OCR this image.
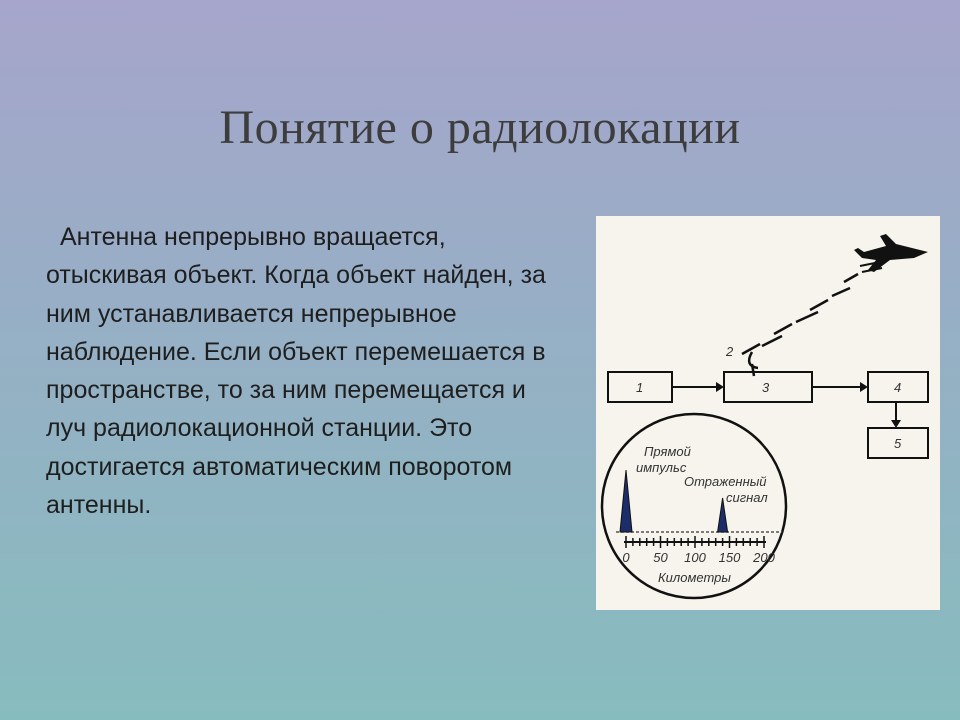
Понятие о радиолокации
Антенна непрерывно вращается, отыскивая объект. Когда объект найден, за ним устанавливается непрерывное наблюдение. Если объект перемешается в пространстве, то за ним перемещается и луч радиолокационной станции. Это достигается автоматическим поворотом антенны.
2
1	3	4
5
Прямой
импульс
Отраженный
сигнал
0 50 100 150 200
Километры
